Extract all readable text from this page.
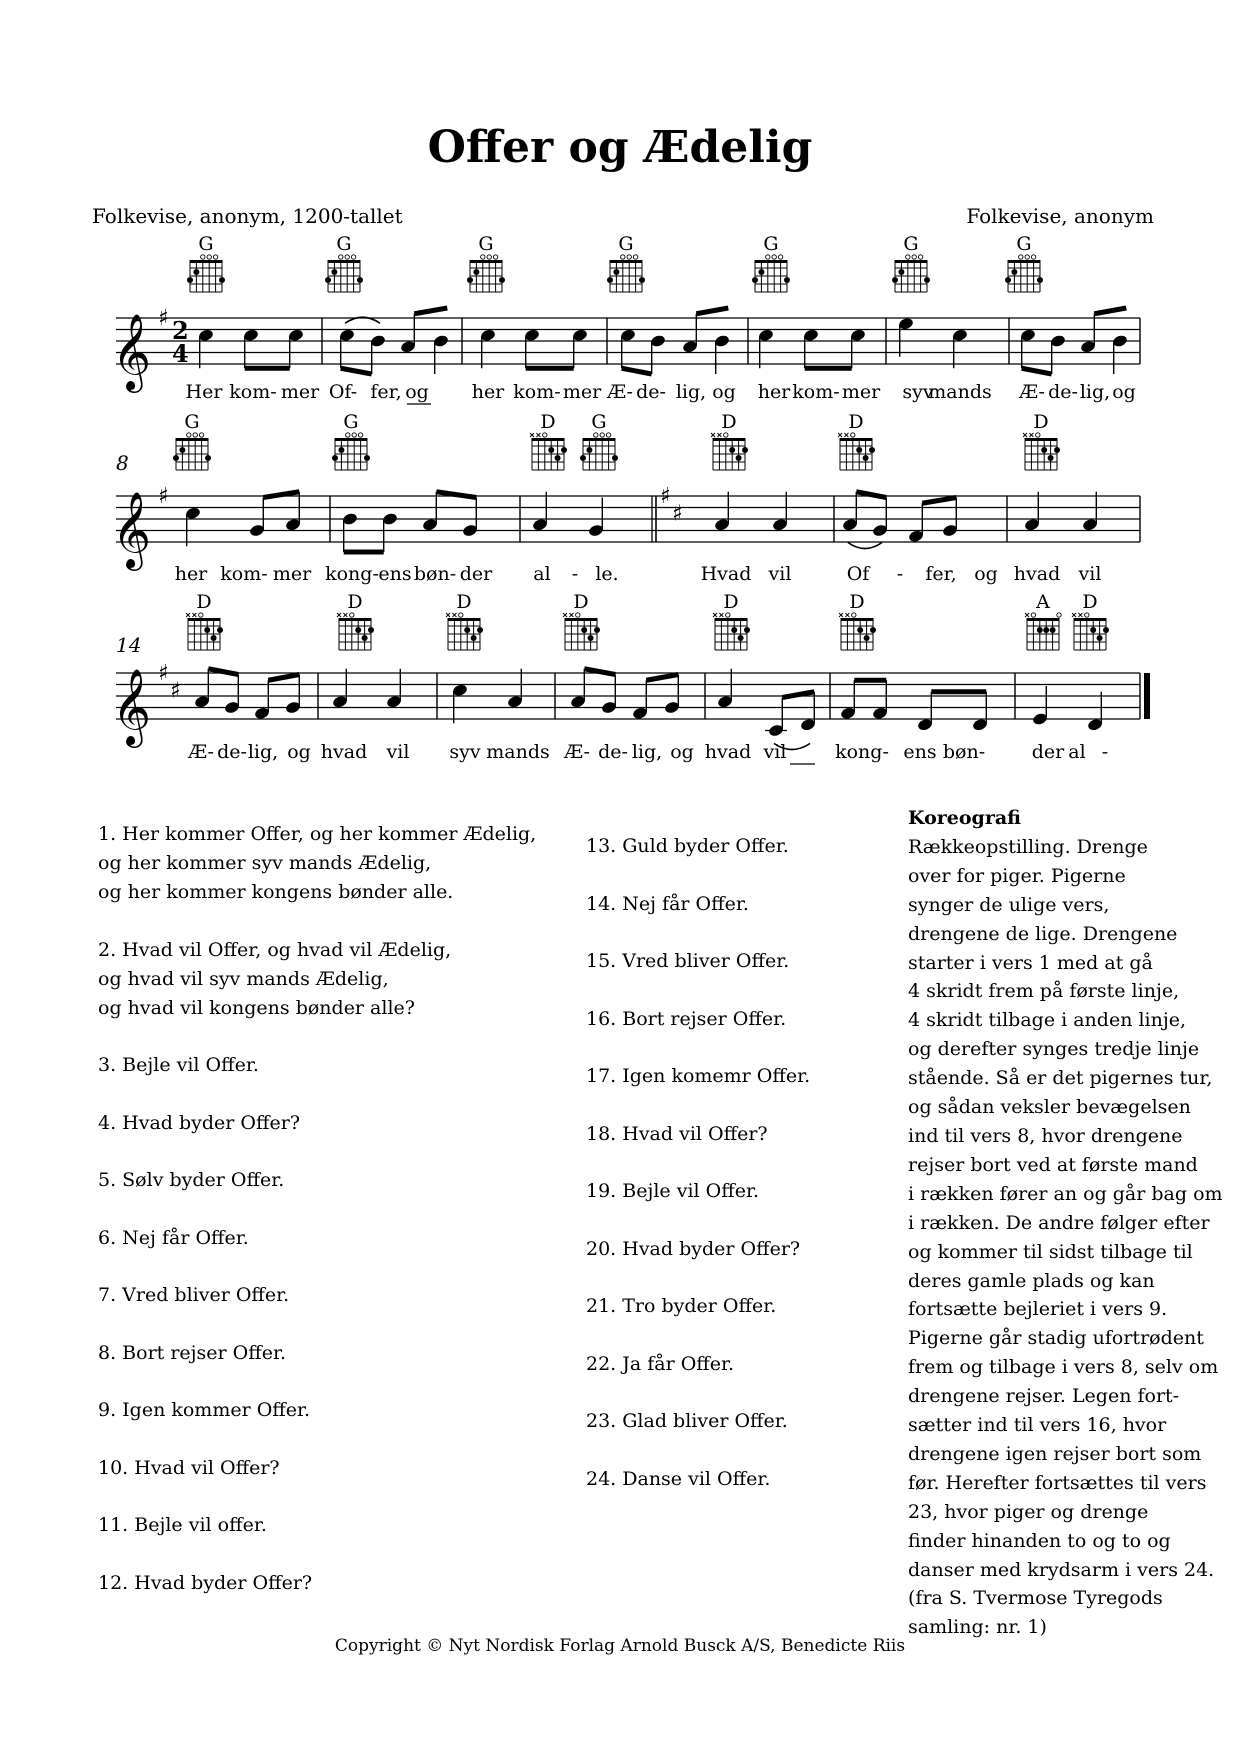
Offer og Ædelig
Folkevise, anonym, 1200-tallet	Folkevise, anonym
𝄞 ♯ 2
4
G	G	G	G	G	G	G
Her kom- mer Of- fer, og her kom- mer Æ- de- lig, og her kom- mer syv
mands Æ- de- lig, og
𝄞 ♯
8
♯
♯
G	G	D G	D	D	D
her kom- mer kong- ens bøn- der al - le.	Hvad vil	Of - fer, og hvad vil
𝄞 ♯
♯
14
D	D	D	D	D	D	A D
Æ- de- lig, og hvad vil syv mands Æ- de- lig, og hvad vil	kong- ens bøn- der al -
1. Her kommer Offer, og her kommer Ædelig,
og her kommer syv mands Ædelig,
og her kommer kongens bønder alle.
2. Hvad vil Offer, og hvad vil Ædelig,
og hvad vil syv mands Ædelig,
og hvad vil kongens bønder alle?
3. Bejle vil Offer.
4. Hvad byder Offer?
5. Sølv byder Offer.
6. Nej får Offer.
7. Vred bliver Offer.
8. Bort rejser Offer.
9. Igen kommer Offer.
10. Hvad vil Offer?
11. Bejle vil offer.
12. Hvad byder Offer?
13. Guld byder Offer.
14. Nej får Offer.
15. Vred bliver Offer.
16. Bort rejser Offer.
17. Igen komemr Offer.
18. Hvad vil Offer?
19. Bejle vil Offer.
20. Hvad byder Offer?
21. Tro byder Offer.
22. Ja får Offer.
23. Glad bliver Offer.
24. Danse vil Offer.
Koreografi
Rækkeopstilling. Drenge
over for piger. Pigerne
synger de ulige vers,
drengene de lige. Drengene
starter i vers 1 med at gå
4 skridt frem på første linje,
4 skridt tilbage i anden linje,
og derefter synges tredje linje
stående. Så er det pigernes tur,
og sådan veksler bevægelsen
ind til vers 8, hvor drengene
rejser bort ved at første mand
i rækken fører an og går bag om
i rækken. De andre følger efter
og kommer til sidst tilbage til
deres gamle plads og kan
fortsætte bejleriet i vers 9.
Pigerne går stadig ufortrødent
frem og tilbage i vers 8, selv om
drengene rejser. Legen fort-
sætter ind til vers 16, hvor
drengene igen rejser bort som
før. Herefter fortsættes til vers
23, hvor piger og drenge
finder hinanden to og to og
danser med krydsarm i vers 24.
(fra S. Tvermose Tyregods
samling: nr. 1)
Copyright © Nyt Nordisk Forlag Arnold Busck A/S, Benedicte Riis
